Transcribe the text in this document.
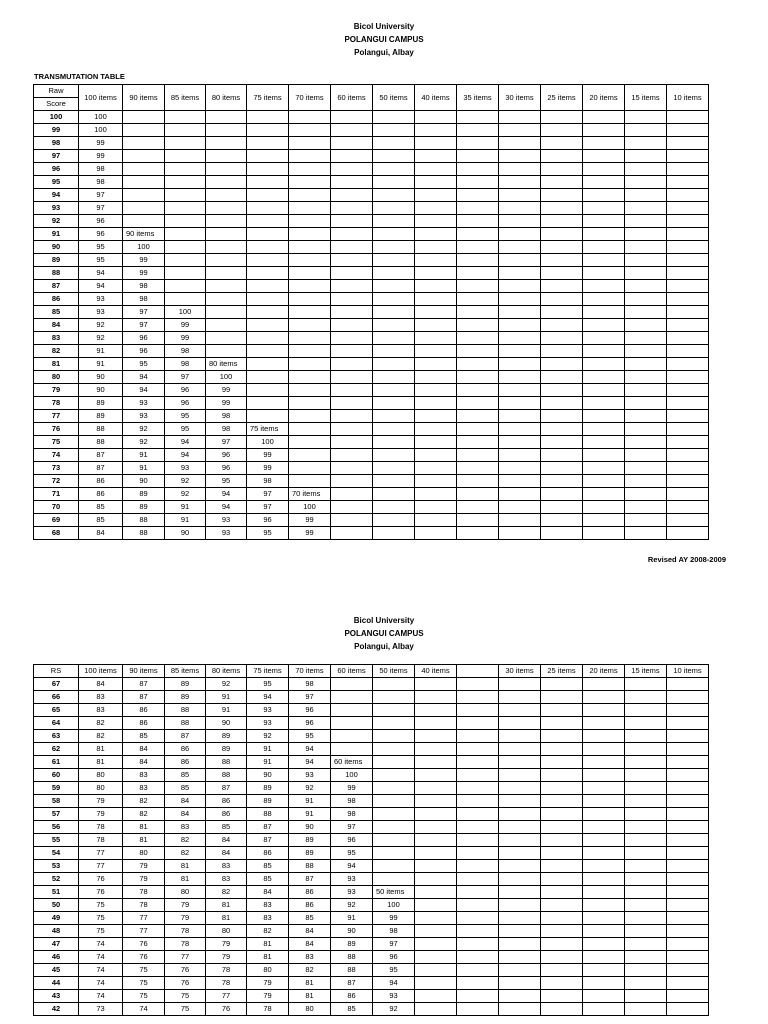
Bicol University
POLANGUI CAMPUS
Polangui, Albay
TRANSMUTATION TABLE
Raw	100 items	90 items	85 items	80 items	75 items	70 items	60 items	50 items	40 items	35 items	30 items	25 items	20 items	15 items	10 items
Score															
100	100														
99	100														
98	99														
97	99														
96	98														
95	98														
94	97														
93	97														
92	96														
91	96	90 items													
90	95	100													
89	95	99													
88	94	99													
87	94	98													
86	93	98													
85	93	97	100												
84	92	97	99												
83	92	96	99												
82	91	96	98												
81	91	95	98	80 items											
80	90	94	97	100											
79	90	94	96	99											
78	89	93	96	99											
77	89	93	95	98											
76	88	92	95	98	75 items										
75	88	92	94	97	100										
74	87	91	94	96	99										
73	87	91	93	96	99										
72	86	90	92	95	98										
71	86	89	92	94	97	70 items									
70	85	89	91	94	97	100									
69	85	88	91	93	96	99									
68	84	88	90	93	95	99									
Revised AY 2008-2009
Bicol University
POLANGUI CAMPUS
Polangui, Albay
RS	100 items	90 items	85 items	80 items	75 items	70 items	60 items	50 items	40 items		30 items	25 items	20 items	15 items	10 items
67	84	87	89	92	95	98									
66	83	87	89	91	94	97									
65	83	86	88	91	93	96									
64	82	86	88	90	93	96									
63	82	85	87	89	92	95									
62	81	84	86	89	91	94									
61	81	84	86	88	91	94	60 items								
60	80	83	85	88	90	93	100								
59	80	83	85	87	89	92	99								
58	79	82	84	86	89	91	98								
57	79	82	84	86	88	91	98								
56	78	81	83	85	87	90	97								
55	78	81	82	84	87	89	96								
54	77	80	82	84	86	89	95								
53	77	79	81	83	85	88	94								
52	76	79	81	83	85	87	93								
51	76	78	80	82	84	86	93	50 items							
50	75	78	79	81	83	86	92	100							
49	75	77	79	81	83	85	91	99							
48	75	77	78	80	82	84	90	98							
47	74	76	78	79	81	84	89	97							
46	74	76	77	79	81	83	88	96							
45	74	75	76	78	80	82	88	95							
44	74	75	76	78	79	81	87	94							
43	74	75	75	77	79	81	86	93							
42	73	74	75	76	78	80	85	92							
